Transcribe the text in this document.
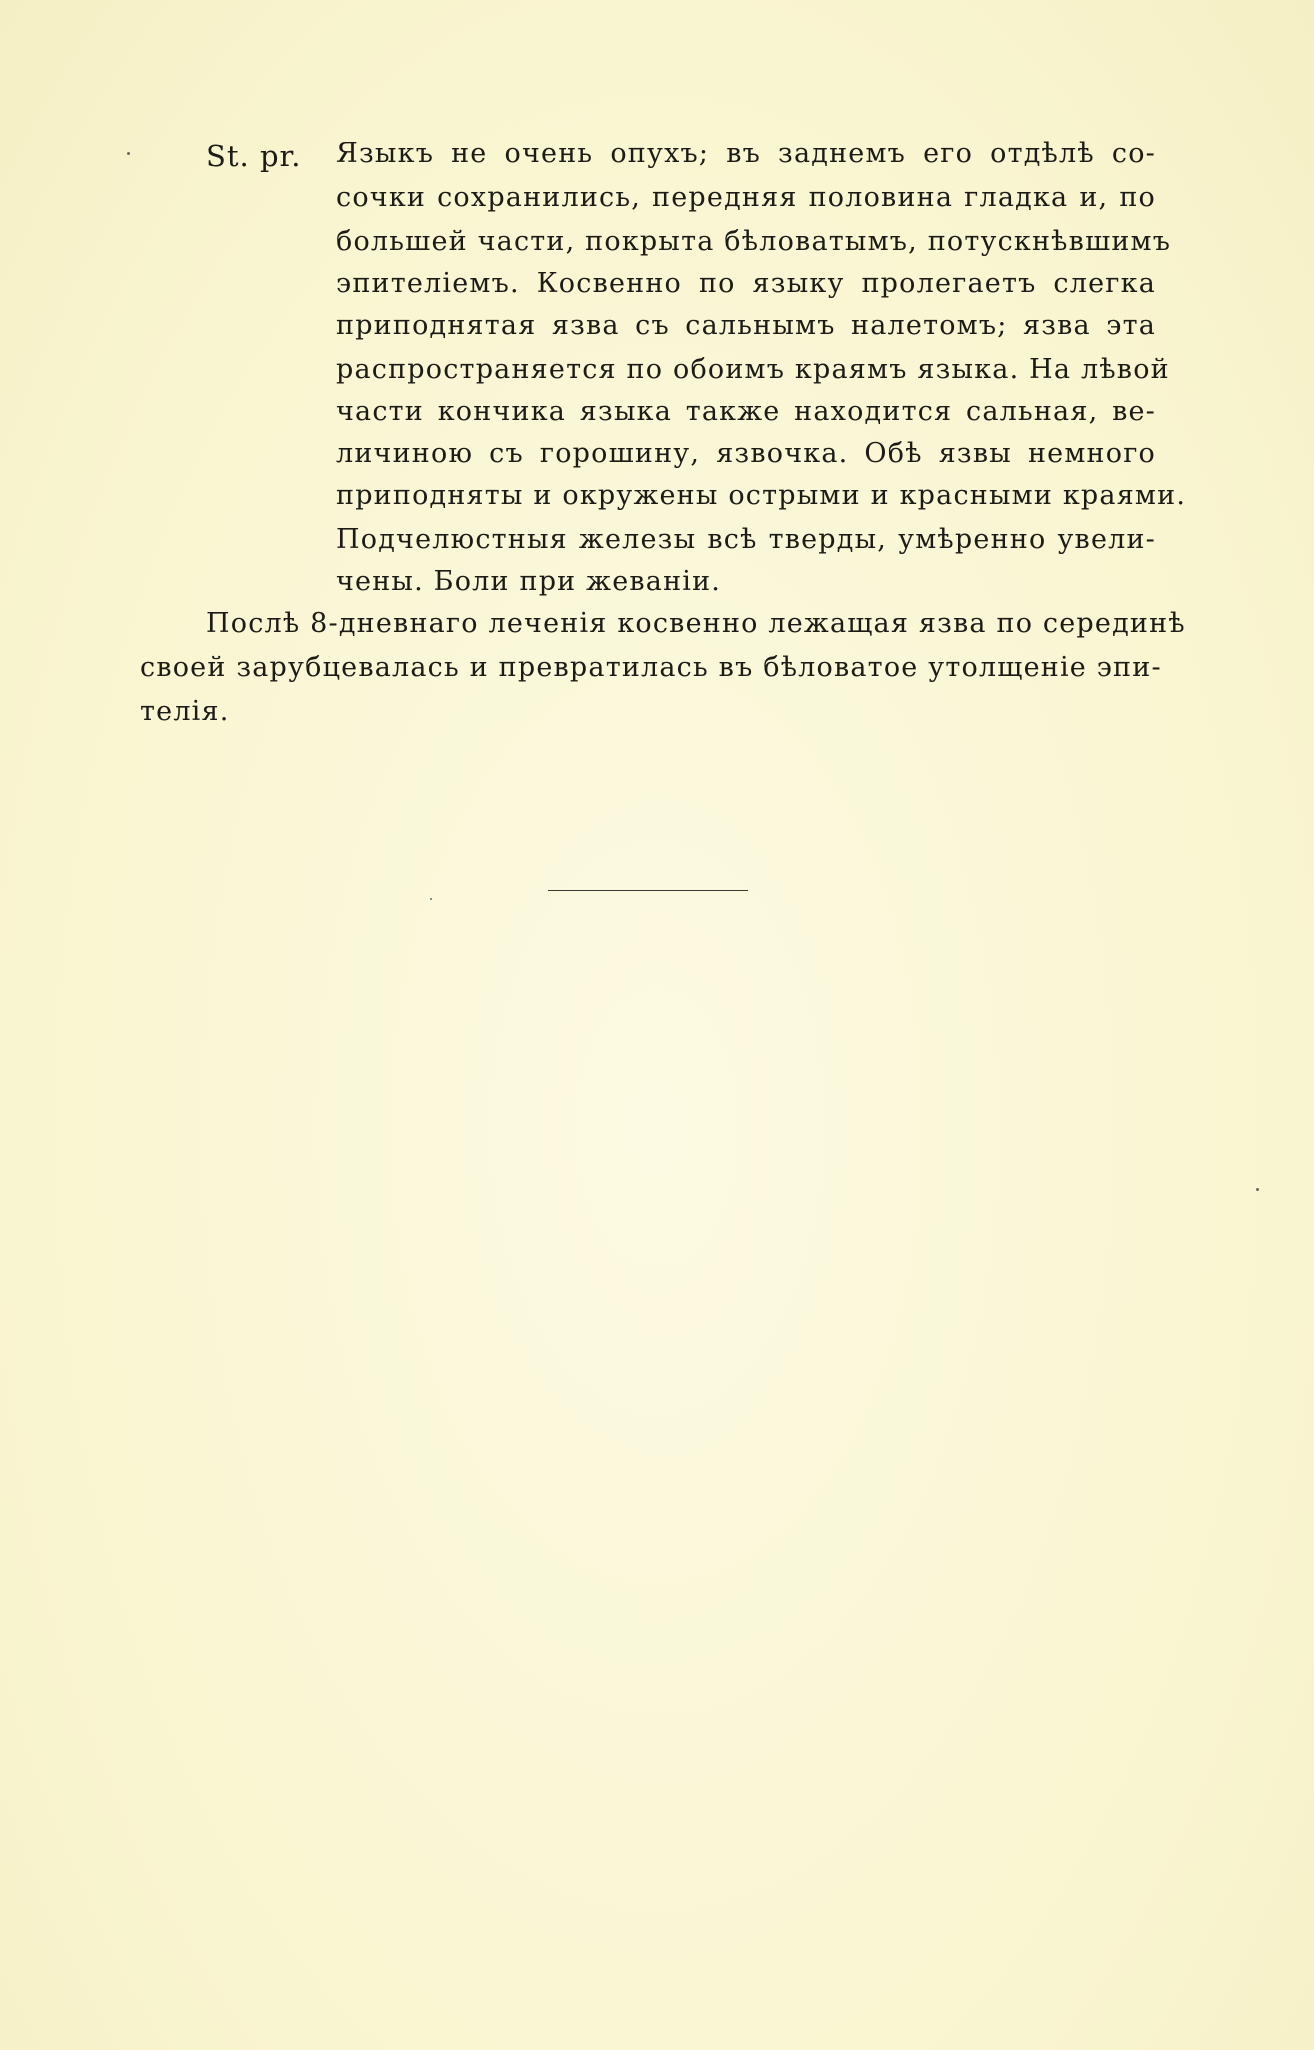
St. pr. Языкъ не очень опухъ; въ заднемъ его отдѣлѣ со-
сочки сохранились, передняя половина гладка и, по
большей части, покрыта бѣловатымъ, потускнѣвшимъ
эпителіемъ. Косвенно по языку пролегаетъ слегка
приподнятая язва съ сальнымъ налетомъ; язва эта
распространяется по обоимъ краямъ языка. На лѣвой
части кончика языка также находится сальная, ве-
личиною съ горошину, язвочка. Обѣ язвы немного
приподняты и окружены острыми и красными краями.
Подчелюстныя железы всѣ тверды, умѣренно увели-
чены. Боли при жеванiи.
Послѣ 8-дневнаго леченія косвенно лежащая язва по серединѣ
своей зарубцевалась и превратилась въ бѣловатое утолщеніе эпи-
телія.
